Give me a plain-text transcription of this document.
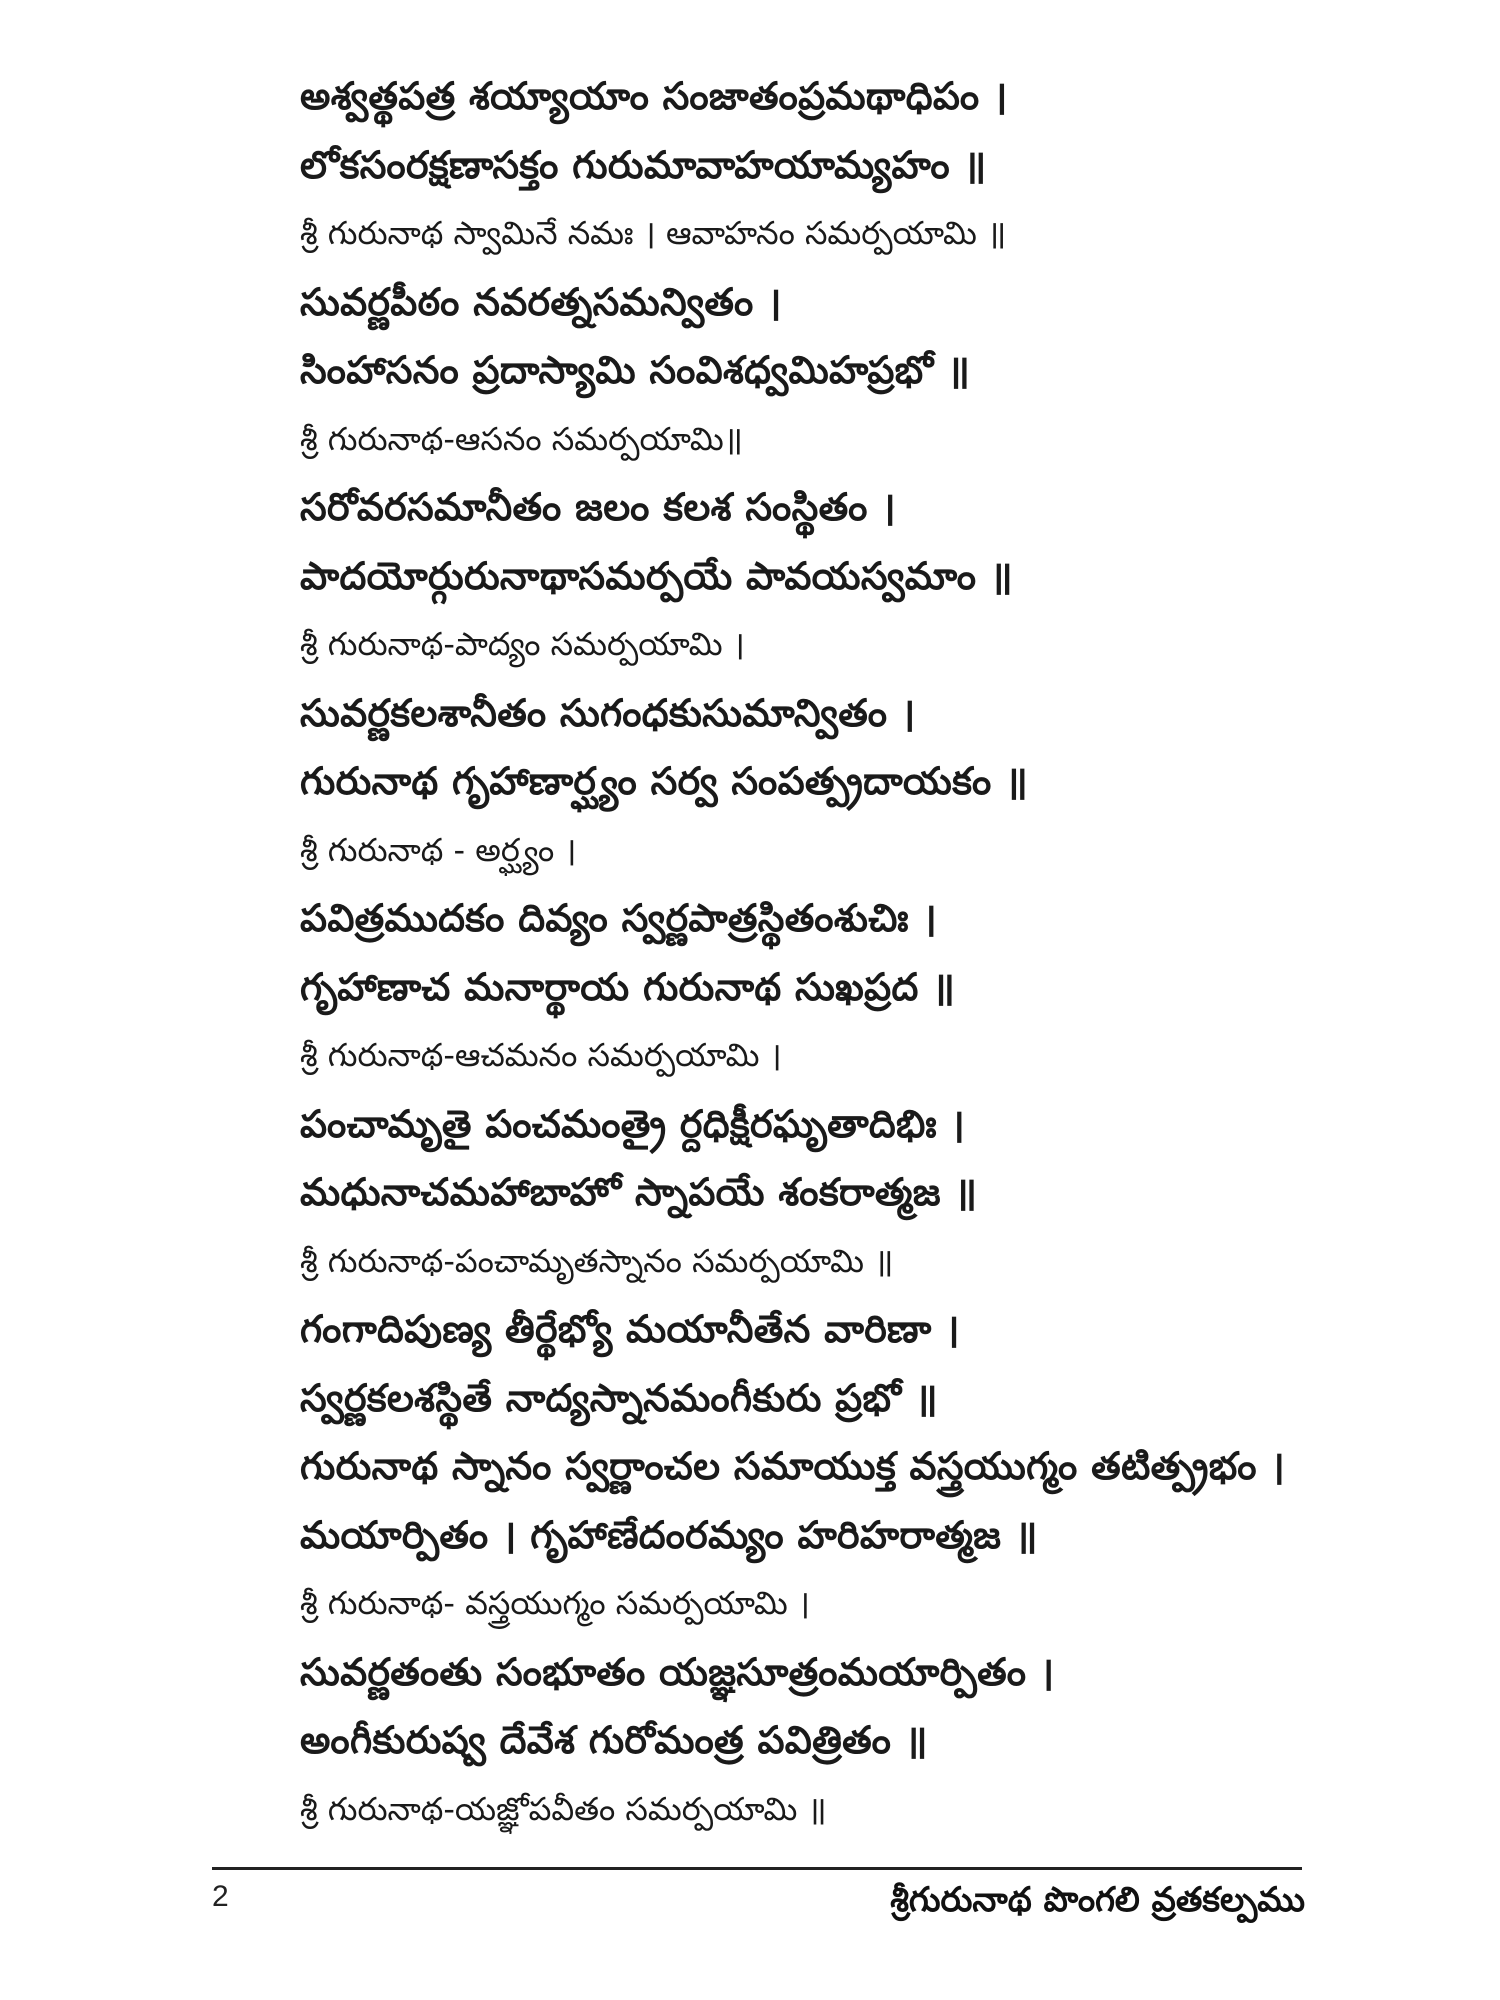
అశ్వత్థపత్ర శయ్యాయాం సంజాతంప్రమథాధిపం ।
లోకసంరక్షణాసక్తం గురుమావాహయామ్యహం ॥
శ్రీ గురునాథ స్వామినే నమః । ఆవాహనం సమర్పయామి ॥
సువర్ణపీఠం నవరత్నసమన్వితం ।
సింహాసనం ప్రదాస్యామి సంవిశధ్వమిహప్రభో ॥
శ్రీ గురునాథ-ఆసనం సమర్పయామి॥
సరోవరసమానీతం జలం కలశ సంస్థితం ।
పాదయోర్గురునాథాసమర్పయే పావయస్వమాం ॥
శ్రీ గురునాథ-పాద్యం సమర్పయామి ।
సువర్ణకలశానీతం సుగంధకుసుమాన్వితం ।
గురునాథ గృహాణార్ఘ్యం సర్వ సంపత్ప్రదాయకం ॥
శ్రీ గురునాథ - అర్ఘ్యం ।
పవిత్రముదకం దివ్యం స్వర్ణపాత్రస్థితంశుచిః ।
గృహాణాచ మనార్థాయ గురునాథ సుఖప్రద ॥
శ్రీ గురునాథ-ఆచమనం సమర్పయామి ।
పంచామృతై పంచమంత్రై ర్దధిక్షీరఘృతాదిభిః ।
మధునాచమహాబాహో స్నాపయే శంకరాత్మజ ॥
శ్రీ గురునాథ-పంచామృతస్నానం సమర్పయామి ॥
గంగాదిపుణ్య తీర్థేభ్యో మయానీతేన వారిణా ।
స్వర్ణకలశస్థితే నాద్యస్నానమంగీకురు ప్రభో ॥
గురునాథ స్నానం స్వర్ణాంచల సమాయుక్త వస్త్రయుగ్మం తటిత్ప్రభం ।
మయార్పితం । గృహాణేదంరమ్యం హరిహరాత్మజ ॥
శ్రీ గురునాథ- వస్త్రయుగ్మం సమర్పయామి ।
సువర్ణతంతు సంభూతం యజ్ఞసూత్రంమయార్పితం ।
అంగీకురుష్వ దేవేశ గురోమంత్ర పవిత్రితం ॥
శ్రీ గురునాథ-యజ్ఞోపవీతం సమర్పయామి ॥
2	శ్రీగురునాథ పొంగలి వ్రతకల్పము
